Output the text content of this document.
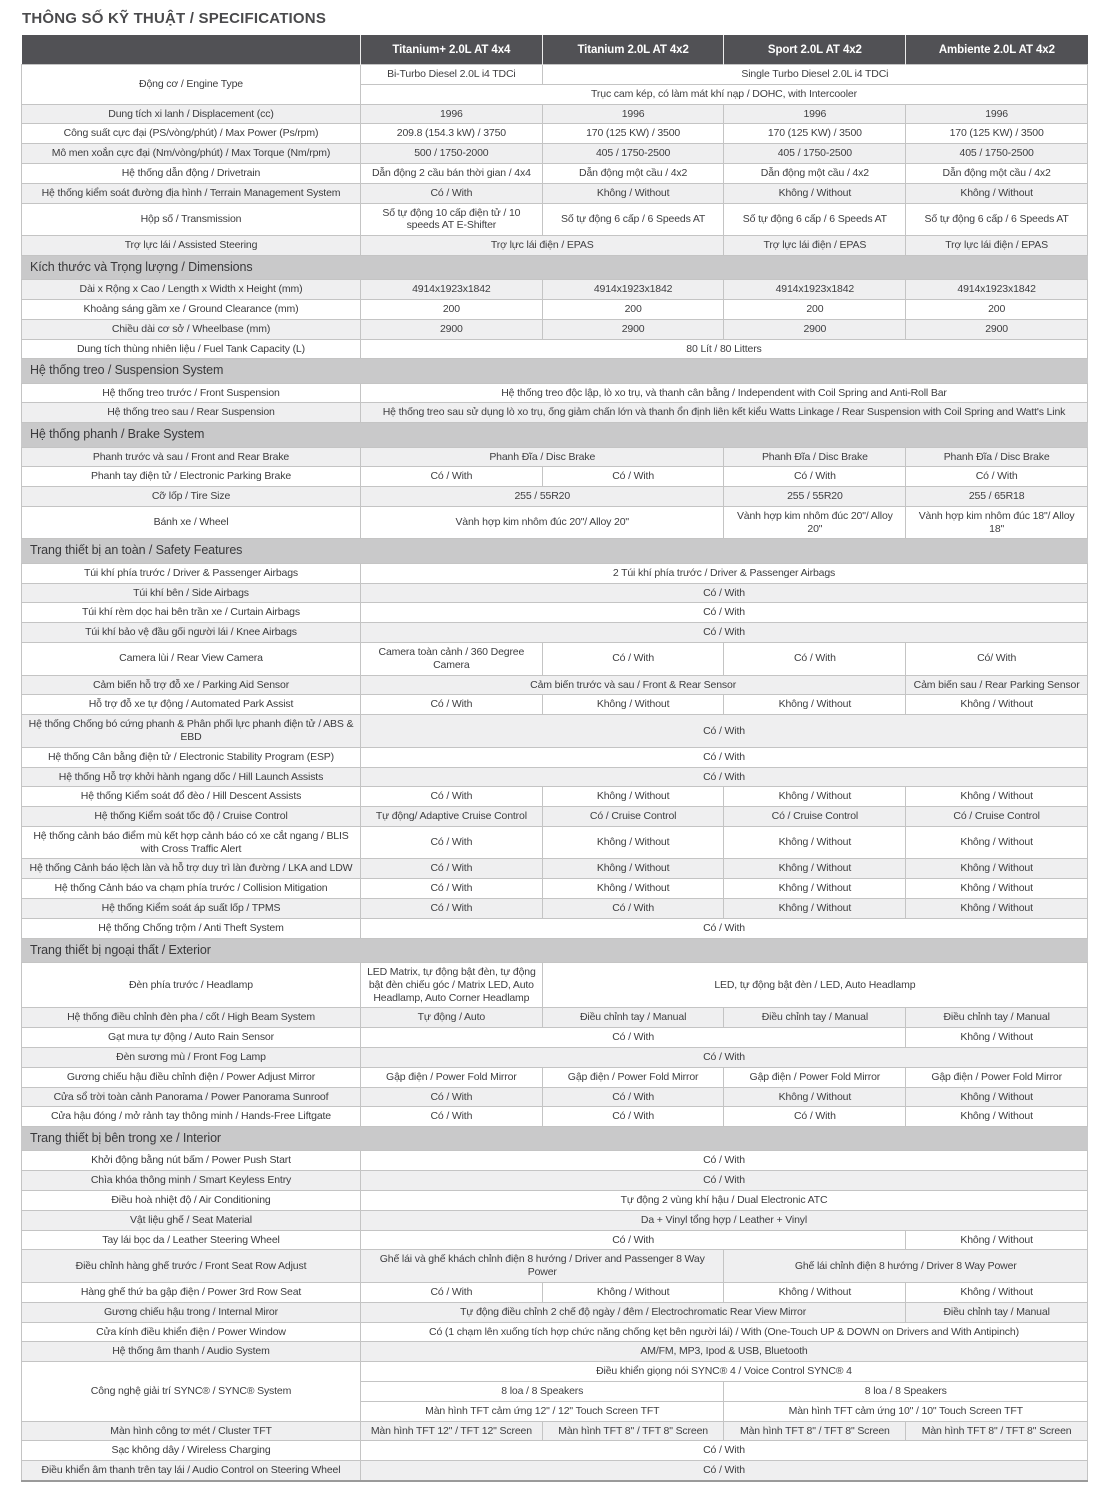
THÔNG SỐ KỸ THUẬT / SPECIFICATIONS
	Titanium+ 2.0L AT 4x4	Titanium 2.0L AT 4x2	Sport 2.0L AT 4x2	Ambiente 2.0L AT 4x2
Động cơ / Engine Type	Bi-Turbo Diesel 2.0L i4 TDCi	Single Turbo Diesel 2.0L i4 TDCi		
	Trục cam kép, có làm mát khí nạp / DOHC, with Intercooler			
Dung tích xi lanh / Displacement (cc)	1996	1996	1996	1996
Công suất cực đại (PS/vòng/phút) / Max Power (Ps/rpm)	209.8 (154.3 kW) / 3750	170 (125 KW) / 3500	170 (125 KW) / 3500	170 (125 KW) / 3500
Mô men xoắn cực đại (Nm/vòng/phút) / Max Torque (Nm/rpm)	500 / 1750-2000	405 / 1750-2500	405 / 1750-2500	405 / 1750-2500
Hệ thống dẫn động / Drivetrain	Dẫn động 2 cầu bán thời gian / 4x4	Dẫn động một cầu / 4x2	Dẫn động một cầu / 4x2	Dẫn động một cầu / 4x2
Hệ thống kiểm soát đường địa hình / Terrain Management System	Có / With	Không / Without	Không / Without	Không / Without
Hộp số / Transmission	Số tự động 10 cấp điện tử / 10 speeds AT E-Shifter	Số tự động 6 cấp / 6 Speeds AT	Số tự động 6 cấp / 6 Speeds AT	Số tự động 6 cấp / 6 Speeds AT
Trợ lực lái / Assisted Steering	Trợ lực lái điện / EPAS		Trợ lực lái điện / EPAS	Trợ lực lái điện / EPAS
Kích thước và Trọng lượng / Dimensions				
Dài x Rộng x Cao / Length x Width x Height (mm)	4914x1923x1842	4914x1923x1842	4914x1923x1842	4914x1923x1842
Khoảng sáng gầm xe / Ground Clearance (mm)	200	200	200	200
Chiều dài cơ sở / Wheelbase (mm)	2900	2900	2900	2900
Dung tích thùng nhiên liệu / Fuel Tank Capacity (L)	80 Lít / 80 Litters			
Hệ thống treo / Suspension System				
Hệ thống treo trước / Front Suspension	Hệ thống treo độc lập, lò xo trụ, và thanh cân bằng / Independent with Coil Spring and Anti-Roll Bar			
Hệ thống treo sau / Rear Suspension	Hệ thống treo sau sử dụng lò xo trụ, ống giảm chấn lớn và thanh ổn định liên kết kiểu Watts Linkage / Rear Suspension with Coil Spring and Watt's Link			
Hệ thống phanh / Brake System				
Phanh trước và sau / Front and Rear Brake	Phanh Đĩa / Disc Brake		Phanh Đĩa / Disc Brake	Phanh Đĩa / Disc Brake
Phanh tay điện tử / Electronic Parking Brake	Có / With	Có / With	Có / With	Có / With
Cỡ lốp / Tire Size	255 / 55R20		255 / 55R20	255 / 65R18
Bánh xe / Wheel	Vành hợp kim nhôm đúc 20"/ Alloy 20"		Vành hợp kim nhôm đúc 20"/ Alloy 20"	Vành hợp kim nhôm đúc 18"/ Alloy 18"
Trang thiết bị an toàn / Safety Features				
Túi khí phía trước / Driver & Passenger Airbags	2 Túi khí phía trước / Driver & Passenger Airbags			
Túi khí bên / Side Airbags	Có / With			
Túi khí rèm dọc hai bên trần xe / Curtain Airbags	Có / With			
Túi khí bảo vệ đầu gối người lái / Knee Airbags	Có / With			
Camera lùi / Rear View Camera	Camera toàn cảnh / 360 Degree Camera	Có / With	Có / With	Có/ With
Cảm biến hỗ trợ đỗ xe / Parking Aid Sensor	Cảm biến trước và sau / Front & Rear Sensor			Cảm biến sau / Rear Parking Sensor
Hỗ trợ đỗ xe tự động / Automated Park Assist	Có / With	Không / Without	Không / Without	Không / Without
Hệ thống Chống bó cứng phanh & Phân phối lực phanh điện tử / ABS & EBD	Có / With			
Hệ thống Cân bằng điện tử / Electronic Stability Program (ESP)	Có / With			
Hệ thống Hỗ trợ khởi hành ngang dốc / Hill Launch Assists	Có / With			
Hệ thống Kiểm soát đổ đèo / Hill Descent Assists	Có / With	Không / Without	Không / Without	Không / Without
Hệ thống Kiểm soát tốc độ / Cruise Control	Tự động/ Adaptive Cruise Control	Có / Cruise Control	Có / Cruise Control	Có / Cruise Control
Hệ thống cảnh báo điểm mù kết hợp cảnh báo có xe cắt ngang / BLIS with Cross Traffic Alert	Có / With	Không / Without	Không / Without	Không / Without
Hệ thống Cảnh báo lệch làn và hỗ trợ duy trì làn đường / LKA and LDW	Có / With	Không / Without	Không / Without	Không / Without
Hệ thống Cảnh báo va chạm phía trước / Collision Mitigation	Có / With	Không / Without	Không / Without	Không / Without
Hệ thống Kiểm soát áp suất lốp / TPMS	Có / With	Có / With	Không / Without	Không / Without
Hệ thống Chống trộm / Anti Theft System	Có / With			
Trang thiết bị ngoại thất / Exterior				
Đèn phía trước / Headlamp	LED Matrix, tự động bật đèn, tự động bật đèn chiếu góc / Matrix LED, Auto Headlamp, Auto Corner Headlamp	LED, tự động bật đèn / LED, Auto Headlamp		
Hệ thống điều chỉnh đèn pha / cốt / High Beam System	Tự động / Auto	Điều chỉnh tay / Manual	Điều chỉnh tay / Manual	Điều chỉnh tay / Manual
Gạt mưa tự động / Auto Rain Sensor	Có / With			Không / Without
Đèn sương mù / Front Fog Lamp	Có / With			
Gương chiếu hậu điều chỉnh điện / Power Adjust Mirror	Gập điện / Power Fold Mirror	Gập điện / Power Fold Mirror	Gập điện / Power Fold Mirror	Gập điện / Power Fold Mirror
Cửa sổ trời toàn cảnh Panorama / Power Panorama Sunroof	Có / With	Có / With	Không / Without	Không / Without
Cửa hậu đóng / mở rảnh tay thông minh / Hands-Free Liftgate	Có / With	Có / With	Có / With	Không / Without
Trang thiết bị bên trong xe / Interior				
Khởi động bằng nút bấm / Power Push Start	Có / With			
Chìa khóa thông minh / Smart Keyless Entry	Có / With			
Điều hoà nhiệt độ / Air Conditioning	Tự động 2 vùng khí hậu / Dual Electronic ATC			
Vật liệu ghế / Seat Material	Da + Vinyl tổng hợp / Leather + Vinyl			
Tay lái bọc da / Leather Steering Wheel	Có / With			Không / Without
Điều chỉnh hàng ghế trước / Front Seat Row Adjust	Ghế lái và ghế khách chỉnh điện 8 hướng / Driver and Passenger 8 Way Power		Ghế lái chỉnh điện 8 hướng / Driver 8 Way Power	
Hàng ghế thứ ba gập điện / Power 3rd Row Seat	Có / With	Không / Without	Không / Without	Không / Without
Gương chiếu hậu trong / Internal Miror	Tự động điều chỉnh 2 chế độ ngày / đêm / Electrochromatic Rear View Mirror			Điều chỉnh tay / Manual
Cửa kính điều khiển điện / Power Window	Có (1 chạm lên xuống tích hợp chức năng chống kẹt bên người lái) / With (One-Touch UP & DOWN on Drivers and With Antipinch)			
Hệ thống âm thanh / Audio System	AM/FM, MP3, Ipod & USB, Bluetooth			
Công nghệ giải trí SYNC® / SYNC® System	Điều khiển giọng nói SYNC® 4 / Voice Control SYNC® 4			
	8 loa / 8 Speakers		8 loa / 8 Speakers	
	Màn hình TFT cảm ứng 12" / 12" Touch Screen TFT		Màn hình TFT cảm ứng 10" / 10" Touch Screen TFT	
Màn hình công tơ mét / Cluster TFT	Màn hình TFT 12" / TFT 12" Screen	Màn hình TFT 8" / TFT 8" Screen	Màn hình TFT 8" / TFT 8" Screen	Màn hình TFT 8" / TFT 8" Screen
Sạc không dây / Wireless Charging	Có / With			
Điều khiển âm thanh trên tay lái / Audio Control on Steering Wheel	Có / With			
